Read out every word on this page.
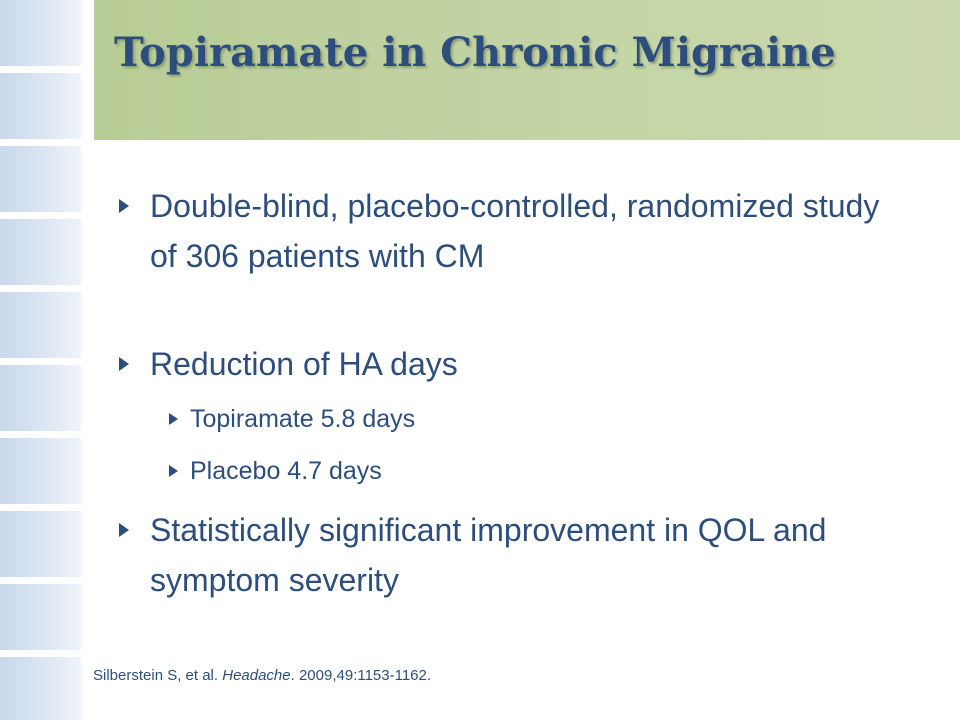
Topiramate in Chronic Migraine
Double-blind, placebo-controlled, randomized study of 306 patients with CM
Reduction of HA days
Topiramate 5.8 days
Placebo 4.7 days
Statistically significant improvement in QOL and symptom severity
Silberstein S, et al. Headache. 2009,49:1153-1162.
